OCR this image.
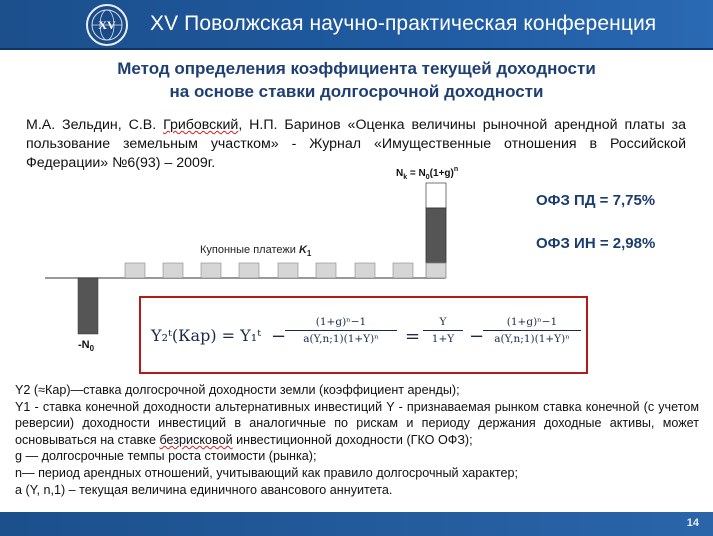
XV XV Поволжская научно-практическая конференция
Метод определения коэффициента текущей доходности
на основе ставки долгосрочной доходности
М.А. Зельдин, С.В. Грибовский, Н.П. Баринов «Оценка величины рыночной арендной платы за пользование земельным участком» - Журнал «Имущественные отношения в Российской Федерации» №6(93) – 2009г.
$-N_0$
Купонные платежи $K_1$
$N_k = N_0(1+g)^n$
ОФЗ ПД = 7,75%
ОФЗ ИН = 2,98%
Y₂ᵗ(Кар) = Y₁ᵗ −
$\frac{\text{(1+g)ⁿ−1}}{\text{a(Y,n;1)(1+Y)ⁿ}} = \frac{Y}{1+Y}$ −
$\frac{\text{(1+g)ⁿ−1}}{\text{a(Y,n;1)(1+Y)ⁿ}}$

Y2 (≈Кар)—ставка долгосрочной доходности земли (коэффициент аренды);

Y1 - ставка конечной доходности альтернативных инвестиций Y - признаваемая рынком ставка конечной (с учетом реверсии) доходности инвестиций в аналогичные по рискам и периоду держания доходные активы, может основываться на ставке безрисковой инвестиционной доходности (ГКО ОФЗ);

g — долгосрочные темпы роста стоимости (рынка);

n— период арендных отношений, учитывающий как правило долгосрочный характер;

a (Y, n,1) – текущая величина единичного авансового аннуитета.

14
